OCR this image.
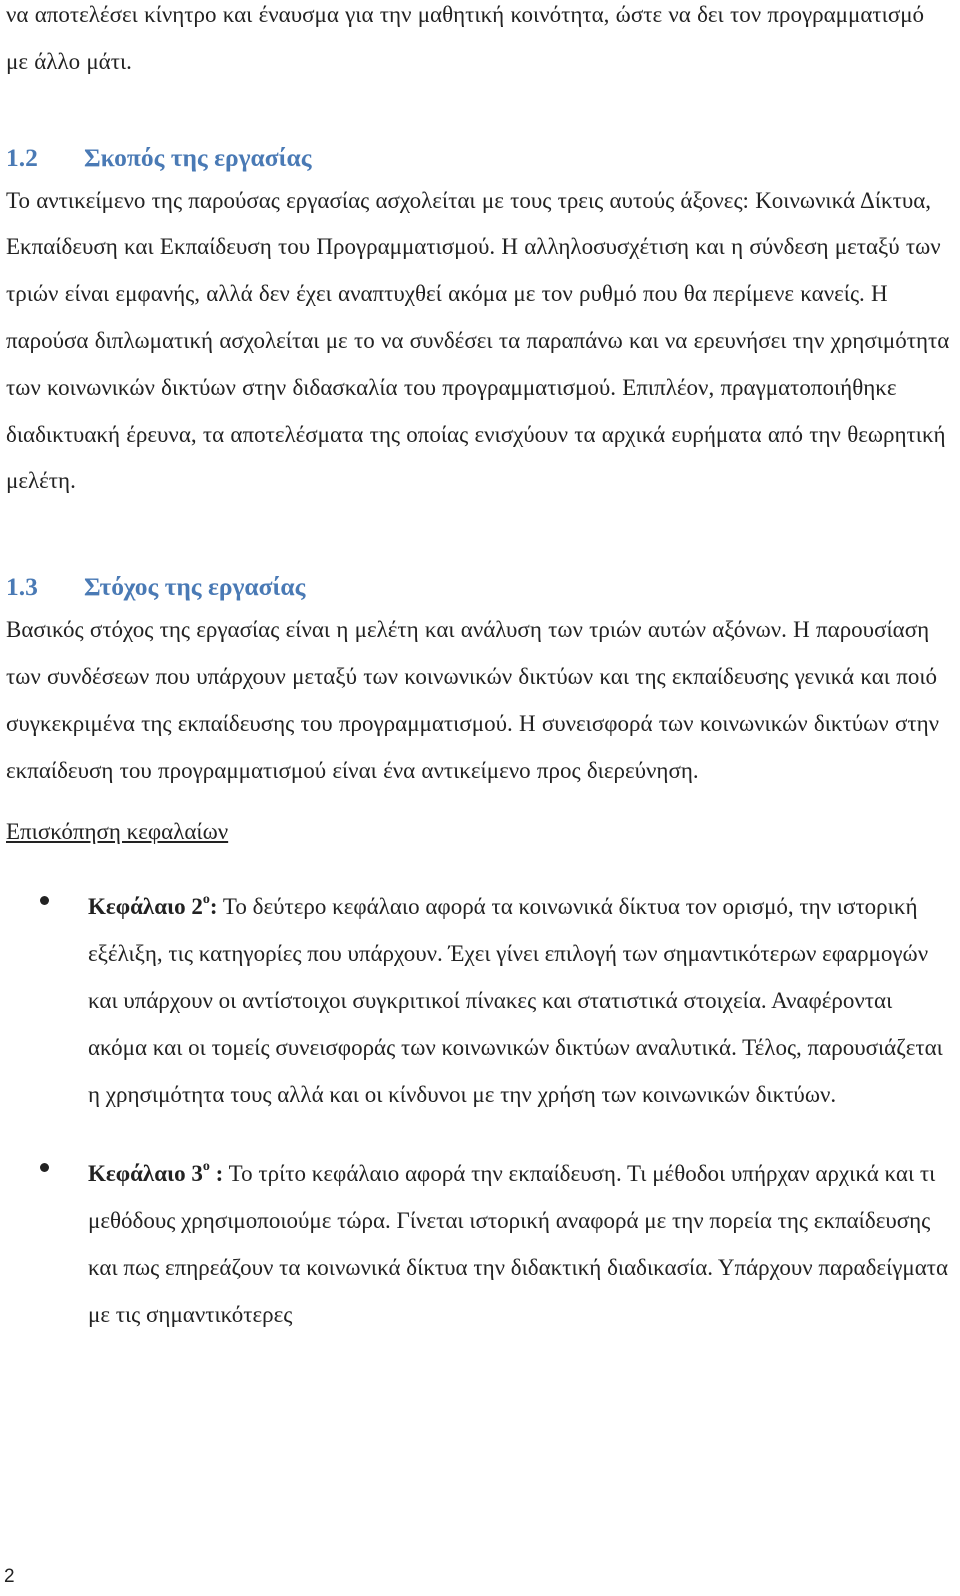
να αποτελέσει κίνητρο και έναυσμα για την μαθητική κοινότητα, ώστε να δει τον προγραμματισμό με άλλο μάτι.

1.2	Σκοπός της εργασίας

Το αντικείμενο της παρούσας εργασίας ασχολείται με τους τρεις αυτούς άξονες: Κοινωνικά Δίκτυα, Εκπαίδευση και Εκπαίδευση του Προγραμματισμού. Η αλληλοσυσχέτιση και η σύνδεση μεταξύ των τριών είναι εμφανής, αλλά δεν έχει αναπτυχθεί ακόμα με τον ρυθμό που θα περίμενε κανείς. Η παρούσα διπλωματική ασχολείται με το να συνδέσει τα παραπάνω και να ερευνήσει την χρησιμότητα των κοινωνικών δικτύων στην διδασκαλία του προγραμματισμού. Επιπλέον, πραγματοποιήθηκε διαδικτυακή έρευνα, τα αποτελέσματα της οποίας ενισχύουν τα αρχικά ευρήματα από την θεωρητική μελέτη.

1.3	Στόχος της εργασίας

Βασικός στόχος της εργασίας είναι η μελέτη και ανάλυση των τριών αυτών αξόνων. Η παρουσίαση των συνδέσεων που υπάρχουν μεταξύ των κοινωνικών δικτύων και της εκπαίδευσης γενικά και ποιό συγκεκριμένα της εκπαίδευσης του προγραμματισμού. Η συνεισφορά των κοινωνικών δικτύων στην εκπαίδευση του προγραμματισμού είναι ένα αντικείμενο προς διερεύνηση.

Επισκόπηση κεφαλαίων
Κεφάλαιο $2^o$: Το δεύτερο κεφάλαιο αφορά τα κοινωνικά δίκτυα τον ορισμό, την ιστορική εξέλιξη, τις κατηγορίες που υπάρχουν. Έχει γίνει επιλογή των σημαντικότερων εφαρμογών και υπάρχουν οι αντίστοιχοι συγκριτικοί πίνακες και στατιστικά στοιχεία. Αναφέρονται ακόμα και οι τομείς συνεισφοράς των κοινωνικών δικτύων αναλυτικά. Τέλος, παρουσιάζεται η χρησιμότητα τους αλλά και οι κίνδυνοι με την χρήση των κοινωνικών δικτύων.
Κεφάλαιο $3^o$ : Το τρίτο κεφάλαιο αφορά την εκπαίδευση. Τι μέθοδοι υπήρχαν αρχικά και τι μεθόδους χρησιμοποιούμε τώρα. Γίνεται ιστορική αναφορά με την πορεία της εκπαίδευσης και πως επηρεάζουν τα κοινωνικά δίκτυα την διδακτική διαδικασία. Υπάρχουν παραδείγματα με τις σημαντικότερες
2
